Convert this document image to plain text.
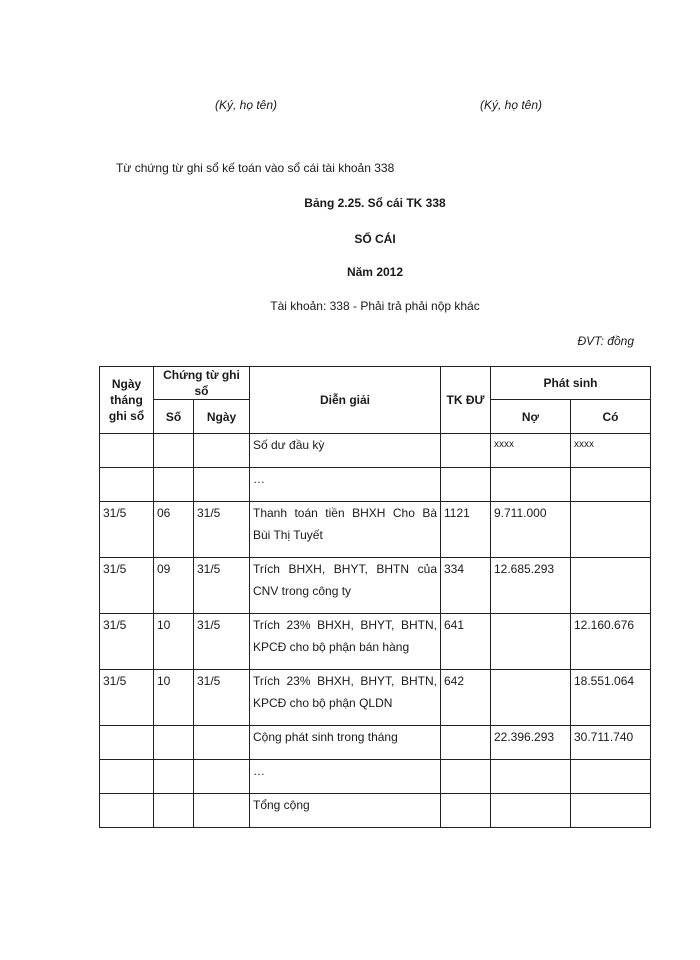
(Ký, họ tên)	(Ký, họ tên)
Từ chứng từ ghi sổ kế toán vào sổ cái tài khoản 338
Bảng 2.25. Sổ cái TK 338
SỔ CÁI
Năm 2012
Tài khoản: 338 - Phải trả phải nộp khác
ĐVT: đồng
Ngày tháng ghi sổ	Chứng từ ghi sổ		Diễn giải	TK ĐƯ	Phát sinh	
	Số	Ngày			Nợ	Có
			Số dư đầu kỳ		xxxx	xxxx
			…			
31/5	06	31/5	Thanh toán tiền BHXH Cho Bà Bùi Thị Tuyết	1121	9.711.000	
31/5	09	31/5	Trích BHXH, BHYT, BHTN của CNV trong công ty	334	12.685.293	
31/5	10	31/5	Trích 23% BHXH, BHYT, BHTN, KPCĐ cho bộ phận bán hàng	641		12.160.676
31/5	10	31/5	Trích 23% BHXH, BHYT, BHTN, KPCĐ cho bộ phận QLDN	642		18.551.064
			Cộng phát sinh trong tháng		22.396.293	30.711.740
			…			
			Tổng cộng			
